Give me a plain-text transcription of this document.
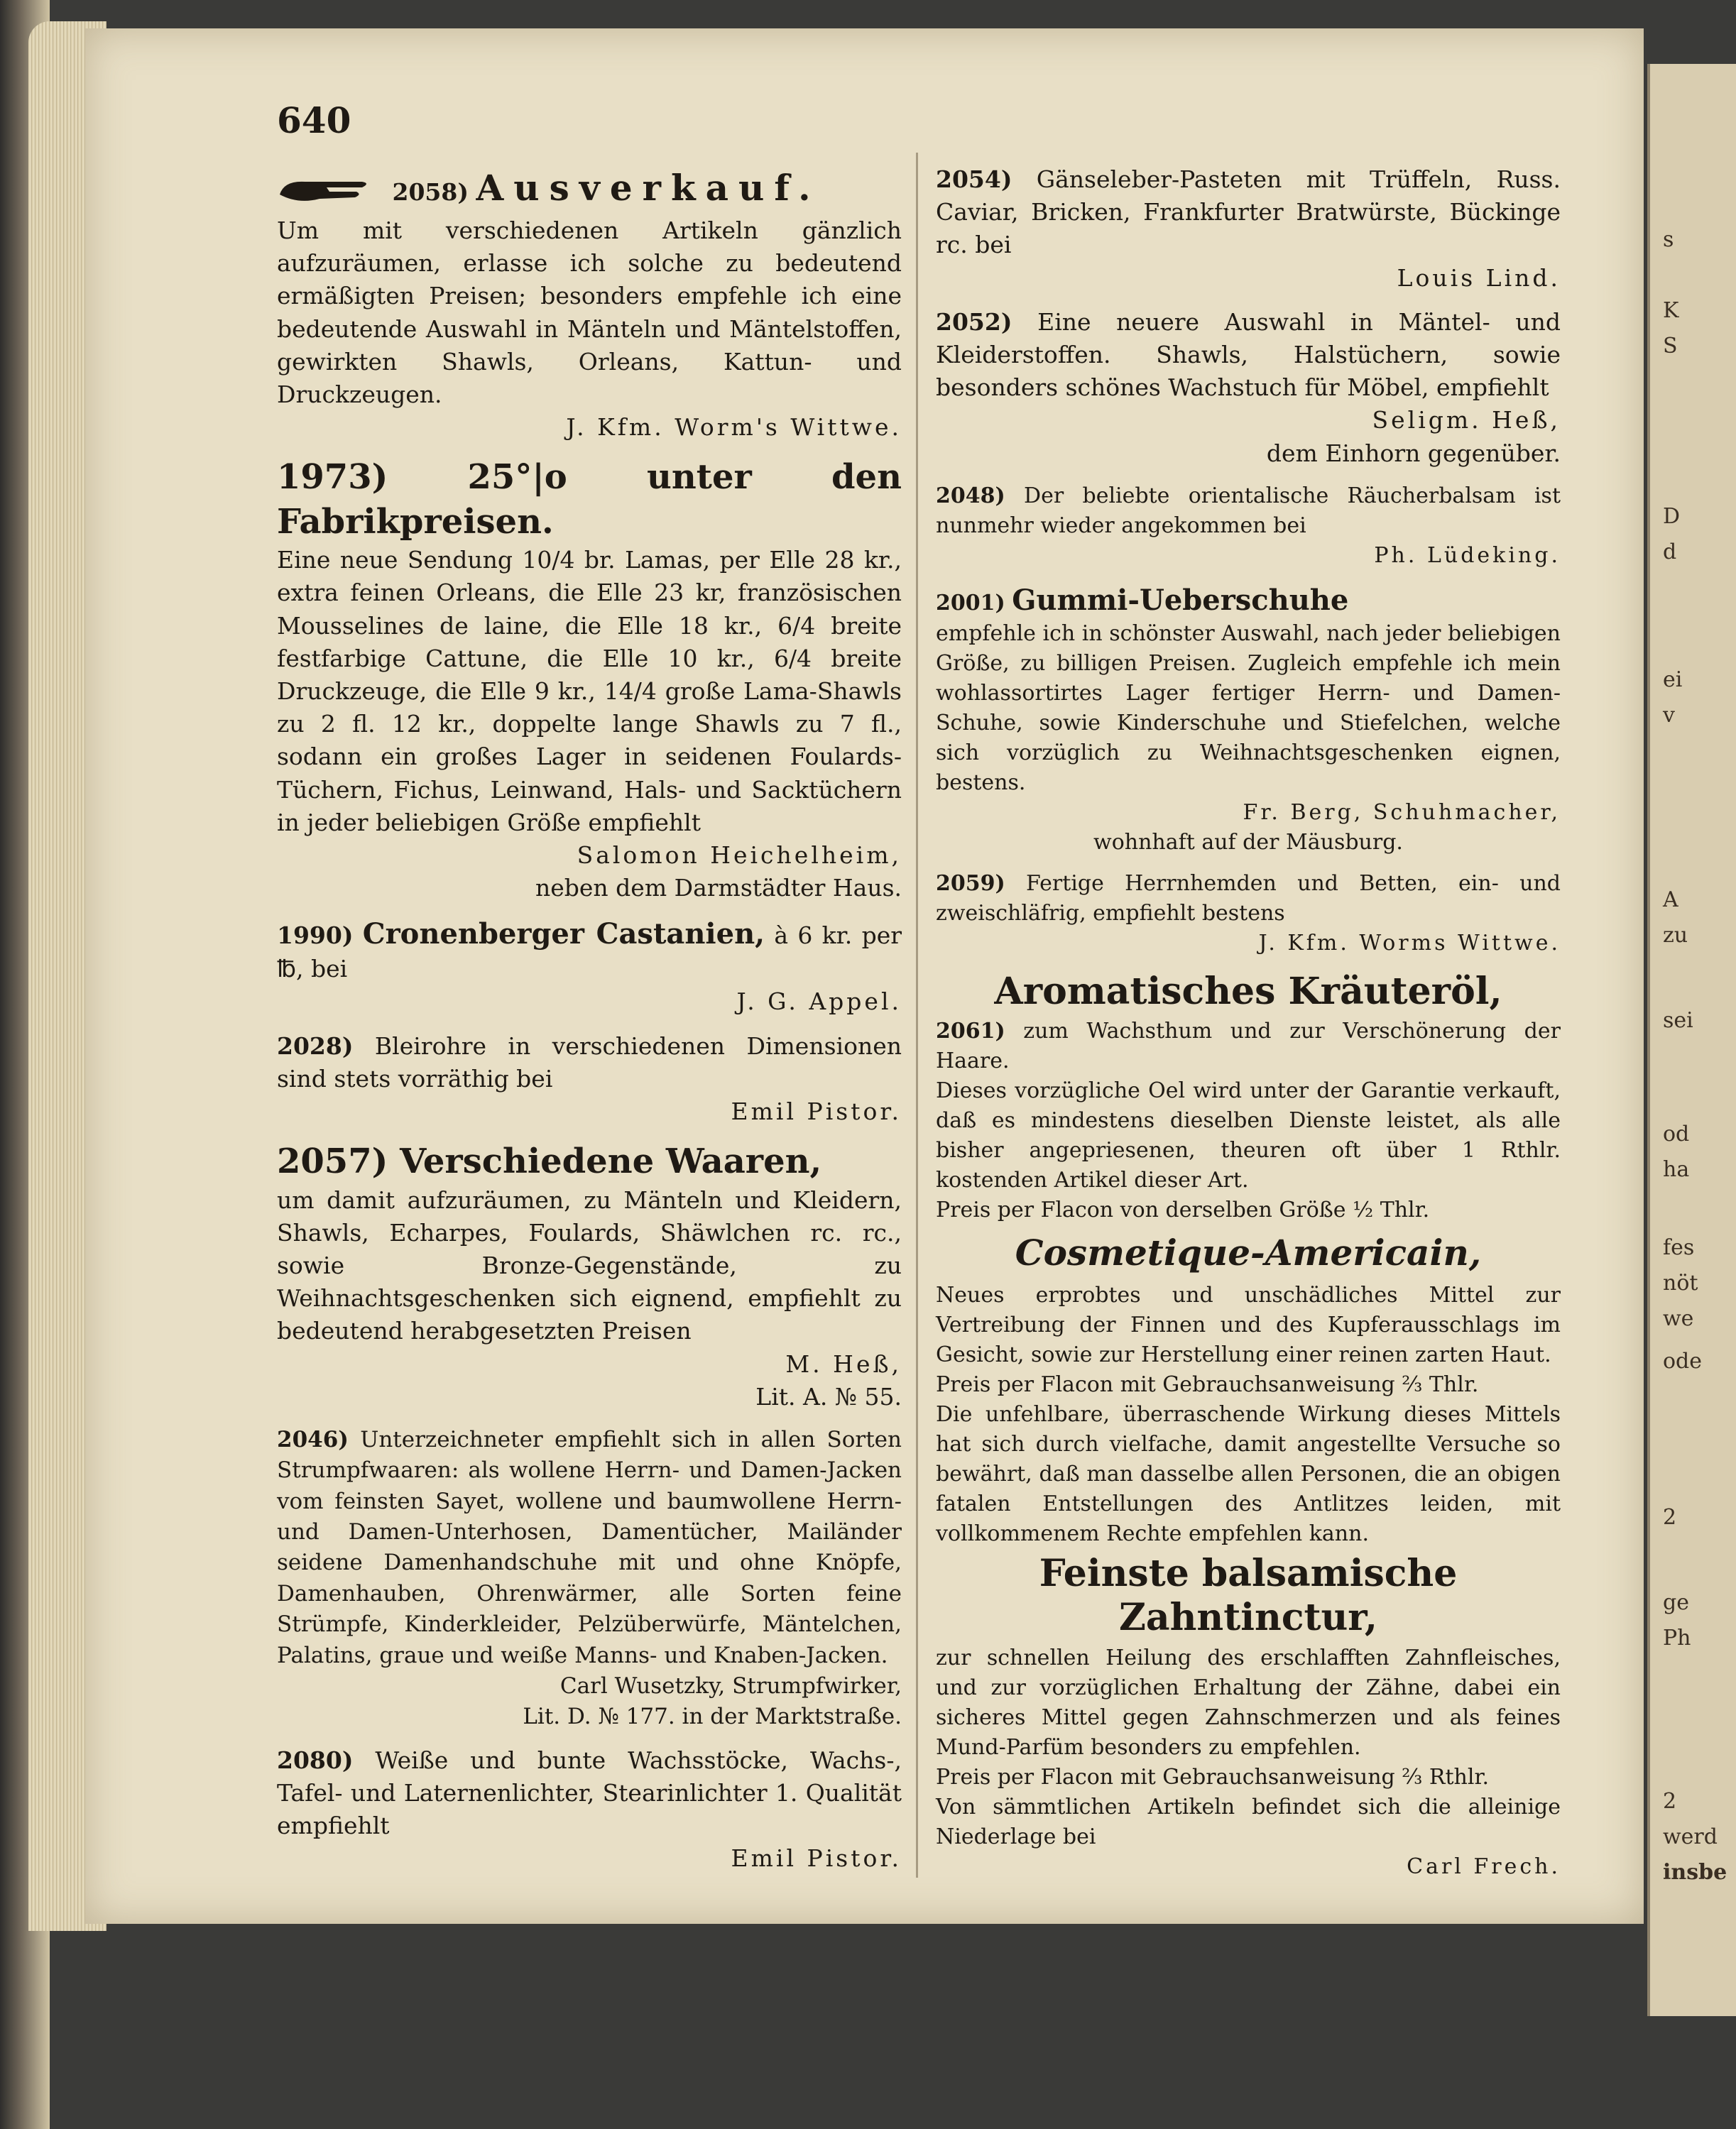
640
2058) Ausverkauf.
Um mit verschiedenen Artikeln gänzlich aufzuräumen, erlasse ich solche zu bedeutend ermäßigten Preisen; besonders empfehle ich eine bedeutende Auswahl in Mänteln und Mäntelstoffen, gewirkten Shawls, Orleans, Kattun- und Druckzeugen.
J. Kfm. Worm's Wittwe.
1973) 25°|o unter den Fabrikpreisen.
Eine neue Sendung 10/4 br. Lamas, per Elle 28 kr., extra feinen Orleans, die Elle 23 kr, französischen Mousselines de laine, die Elle 18 kr., 6/4 breite festfarbige Cattune, die Elle 10 kr., 6/4 breite Druckzeuge, die Elle 9 kr., 14/4 große Lama-Shawls zu 2 fl. 12 kr., doppelte lange Shawls zu 7 fl., sodann ein großes Lager in seidenen Foulards-Tüchern, Fichus, Leinwand, Hals- und Sacktüchern in jeder beliebigen Größe empfiehlt
Salomon Heichelheim,
neben dem Darmstädter Haus.
1990) Cronenberger Castanien, à 6 kr. per ℔, bei
J. G. Appel.
2028) Bleirohre in verschiedenen Dimensionen sind stets vorräthig bei
Emil Pistor.
2057) Verschiedene Waaren,
um damit aufzuräumen, zu Mänteln und Kleidern, Shawls, Echarpes, Foulards, Shäwlchen rc. rc., sowie Bronze-Gegenstände, zu Weihnachtsgeschenken sich eignend, empfiehlt zu bedeutend herabgesetzten Preisen
M. Heß,
Lit. A. № 55.
2046) Unterzeichneter empfiehlt sich in allen Sorten Strumpfwaaren: als wollene Herrn- und Damen-Jacken vom feinsten Sayet, wollene und baumwollene Herrn- und Damen-Unterhosen, Damentücher, Mailänder seidene Damenhandschuhe mit und ohne Knöpfe, Damenhauben, Ohrenwärmer, alle Sorten feine Strümpfe, Kinderkleider, Pelzüberwürfe, Mäntelchen, Palatins, graue und weiße Manns- und Knaben-Jacken.
Carl Wusetzky, Strumpfwirker,
Lit. D. № 177. in der Marktstraße.
2080) Weiße und bunte Wachsstöcke, Wachs-, Tafel- und Laternenlichter, Stearinlichter 1. Qualität empfiehlt
Emil Pistor.
2054) Gänseleber-Pasteten mit Trüffeln, Russ. Caviar, Bricken, Frankfurter Bratwürste, Bückinge rc. bei
Louis Lind.
2052) Eine neuere Auswahl in Mäntel- und Kleiderstoffen. Shawls, Halstüchern, sowie besonders schönes Wachstuch für Möbel, empfiehlt
Seligm. Heß,
dem Einhorn gegenüber.
2048) Der beliebte orientalische Räucherbalsam ist nunmehr wieder angekommen bei
Ph. Lüdeking.
2001) Gummi-Ueberschuhe
empfehle ich in schönster Auswahl, nach jeder beliebigen Größe, zu billigen Preisen. Zugleich empfehle ich mein wohlassortirtes Lager fertiger Herrn- und Damen-Schuhe, sowie Kinderschuhe und Stiefelchen, welche sich vorzüglich zu Weihnachtsgeschenken eignen, bestens.
Fr. Berg, Schuhmacher,
wohnhaft auf der Mäusburg.
2059) Fertige Herrnhemden und Betten, ein- und zweischläfrig, empfiehlt bestens
J. Kfm. Worms Wittwe.
Aromatisches Kräuteröl,
2061) zum Wachsthum und zur Verschönerung der Haare.
Dieses vorzügliche Oel wird unter der Garantie verkauft, daß es mindestens dieselben Dienste leistet, als alle bisher angepriesenen, theuren oft über 1 Rthlr. kostenden Artikel dieser Art.
Preis per Flacon von derselben Größe ½ Thlr.
Cosmetique-Americain,
Neues erprobtes und unschädliches Mittel zur Vertreibung der Finnen und des Kupferausschlags im Gesicht, sowie zur Herstellung einer reinen zarten Haut.
Preis per Flacon mit Gebrauchsanweisung ⅔ Thlr.
Die unfehlbare, überraschende Wirkung dieses Mittels hat sich durch vielfache, damit angestellte Versuche so bewährt, daß man dasselbe allen Personen, die an obigen fatalen Entstellungen des Antlitzes leiden, mit vollkommenem Rechte empfehlen kann.
Feinste balsamische Zahntinctur,
zur schnellen Heilung des erschlafften Zahnfleisches, und zur vorzüglichen Erhaltung der Zähne, dabei ein sicheres Mittel gegen Zahnschmerzen und als feines Mund-Parfüm besonders zu empfehlen.
Preis per Flacon mit Gebrauchsanweisung ⅔ Rthlr.
Von sämmtlichen Artikeln befindet sich die alleinige Niederlage bei
Carl Frech.
s
K
S
D
d
ei
v
A
zu
sei
od
ha
fes
nöt
we
ode
2
ge
Ph
2
werd
insbe
